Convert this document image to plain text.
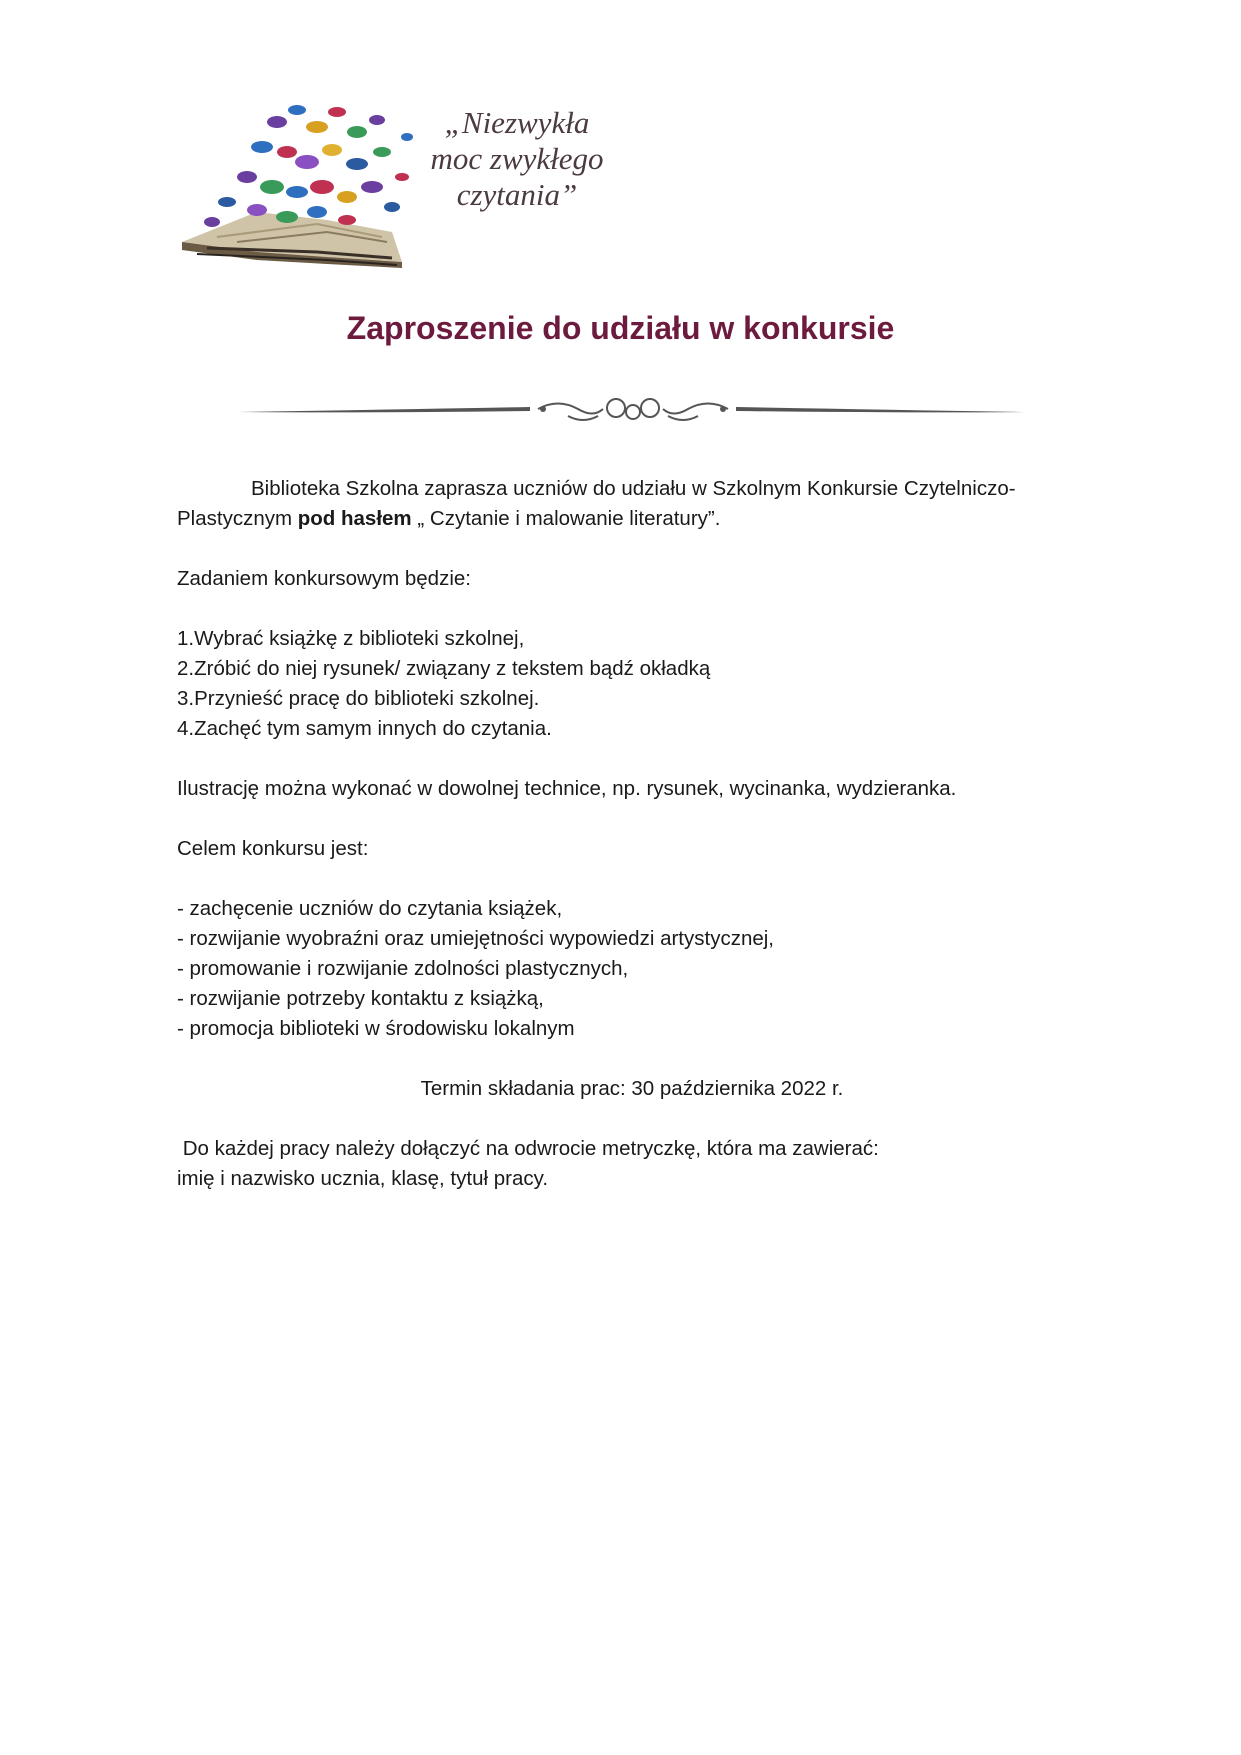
„Niezwykła
moc zwykłego
czytania”
Zaproszenie do udziału w konkursie

Biblioteka Szkolna zaprasza uczniów do udziału w Szkolnym Konkursie Czytelniczo-Plastycznym pod hasłem „ Czytanie i malowanie literatury”.

Zadaniem konkursowym będzie:

1.Wybrać książkę z biblioteki szkolnej,

2.Zróbić do niej rysunek/ związany z tekstem bądź okładką

3.Przynieść pracę do biblioteki szkolnej.

4.Zachęć tym samym innych do czytania.

Ilustrację można wykonać w dowolnej technice, np. rysunek, wycinanka, wydzieranka.

Celem konkursu jest:

- zachęcenie uczniów do czytania książek,

- rozwijanie wyobraźni oraz umiejętności wypowiedzi artystycznej,

- promowanie i rozwijanie zdolności plastycznych,

- rozwijanie potrzeby kontaktu z książką,

- promocja biblioteki w środowisku lokalnym

Termin składania prac: 30 października 2022 r.

Do każdej pracy należy dołączyć na odwrocie metryczkę, która ma zawierać:

imię i nazwisko ucznia, klasę, tytuł pracy.
